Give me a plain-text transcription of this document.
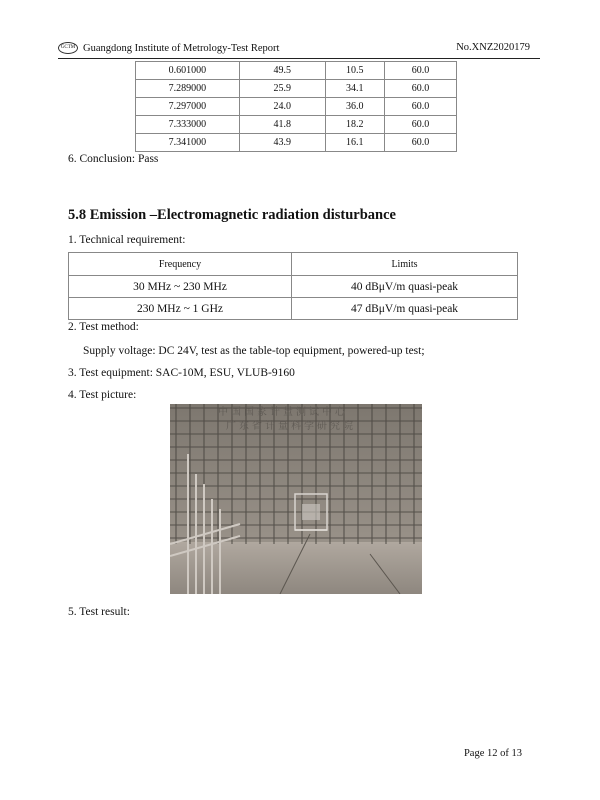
GCTM Guangdong Institute of Metrology-Test Report	No.XNZ2020179
0.601000	49.5	10.5	60.0
7.289000	25.9	34.1	60.0
7.297000	24.0	36.0	60.0
7.333000	41.8	18.2	60.0
7.341000	43.9	16.1	60.0
6. Conclusion: Pass
5.8 Emission –Electromagnetic radiation disturbance
1. Technical requirement:
Frequency	Limits
30 MHz ~ 230 MHz	40 dBμV/m quasi-peak
230 MHz ~ 1 GHz	47 dBμV/m quasi-peak
2. Test method:
Supply voltage: DC 24V, test as the table-top equipment, powered-up test;
3. Test equipment: SAC-10M, ESU, VLUB-9160
4. Test picture:
中国国家计量测试中心
广东省计量科学研究院
5. Test result:
Page 12 of 13
